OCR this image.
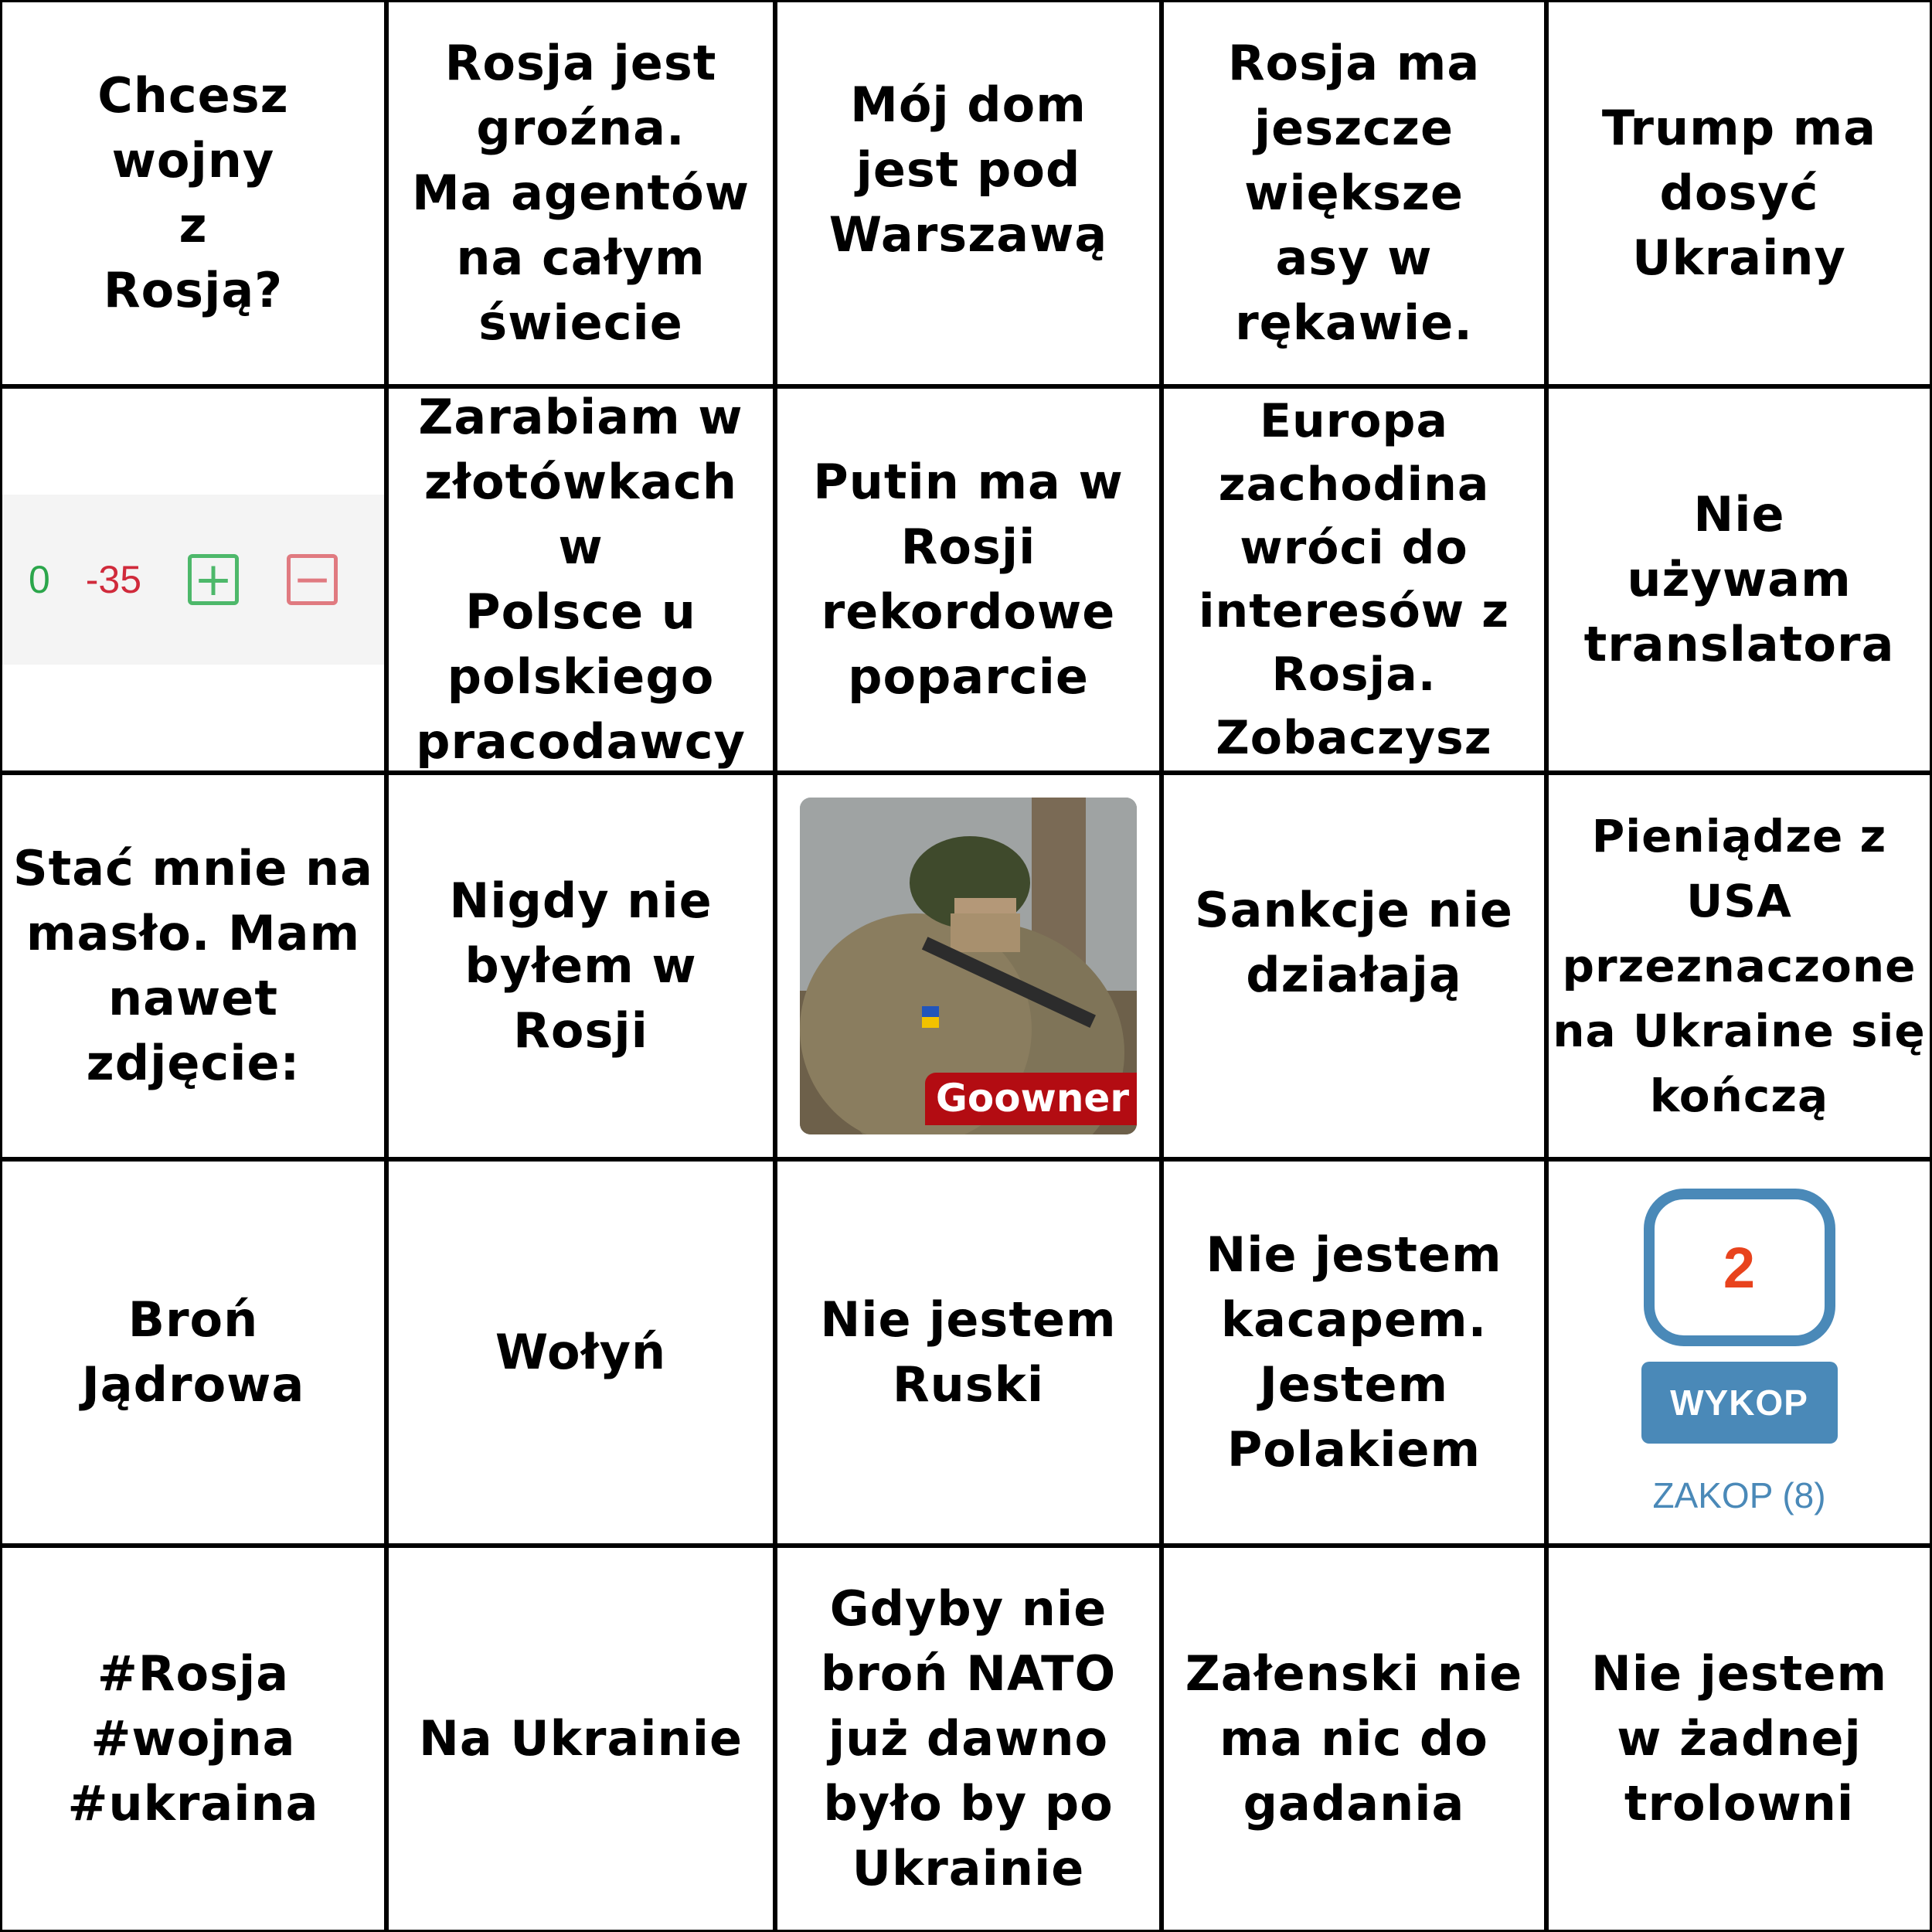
Chcesz wojny
z
Rosją?
Rosja jest
groźna.
Ma agentów
na całym
świecie
Mój dom
jest pod
Warszawą
Rosja ma
jeszcze
większe
asy w
rękawie.
Trump ma
dosyć
Ukrainy
0 -35 + −
Zarabiam w
złotówkach w
Polsce u
polskiego
pracodawcy
Putin ma w
Rosji
rekordowe
poparcie
Europa
zachodina
wróci do
interesów z
Rosja.
Zobaczysz
Nie
używam
translatora
Stać mnie na
masło. Mam
nawet
zdjęcie:
Nigdy nie
byłem w
Rosji
Goowner
Sankcje nie
działają
Pieniądze z
USA
przeznaczone
na Ukraine się
kończą
Broń
Jądrowa
Wołyń
Nie jestem
Ruski
Nie jestem
kacapem.
Jestem
Polakiem
2
WYKOP
ZAKOP (8)
#Rosja
#wojna
#ukraina
Na Ukrainie
Gdyby nie
broń NATO
już dawno
było by po
Ukrainie
Załenski nie
ma nic do
gadania
Nie jestem
w żadnej
trolowni
